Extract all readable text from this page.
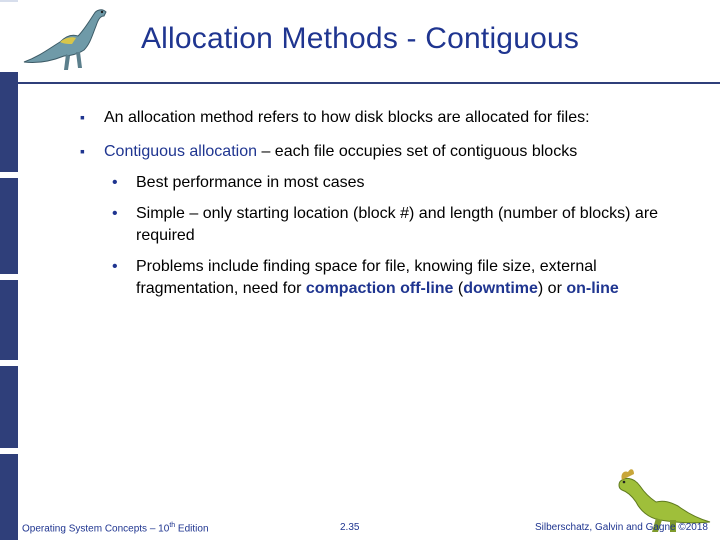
Allocation Methods - Contiguous
▪ An allocation method refers to how disk blocks are allocated for files:
▪ Contiguous allocation – each file occupies set of contiguous blocks
• Best performance in most cases
• Simple – only starting location (block #) and length (number of blocks) are required
• Problems include finding space for file, knowing file size, external fragmentation, need for compaction off-line (downtime) or on-line
Operating System Concepts – 10th Edition	2.35	Silberschatz, Galvin and Gagne ©2018
